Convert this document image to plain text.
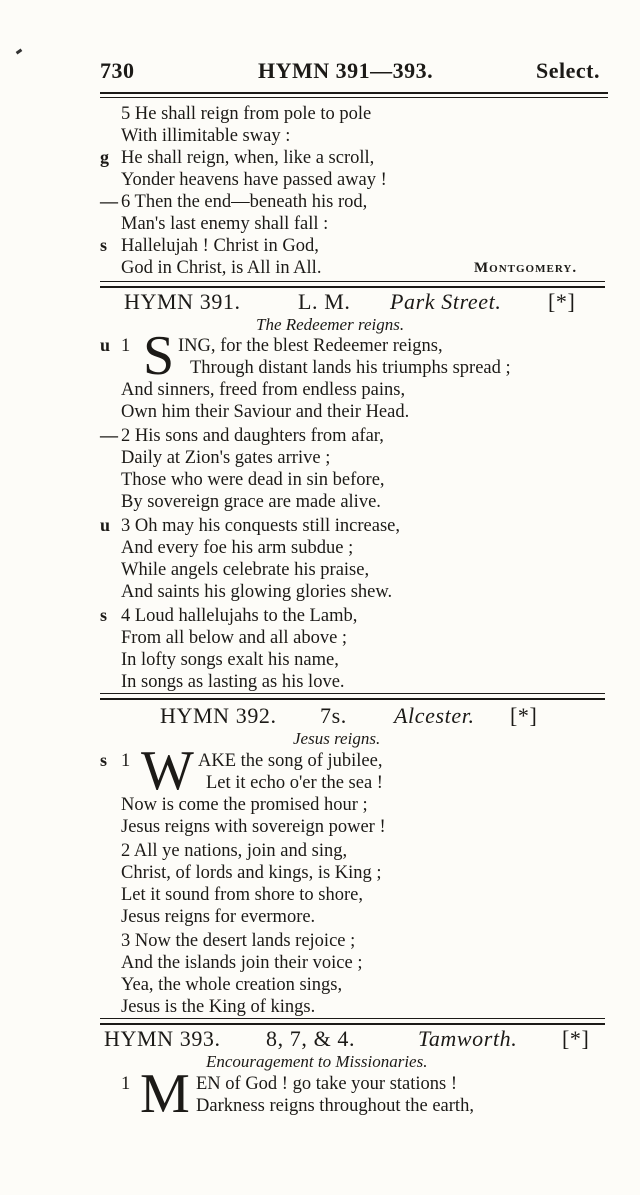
730	HYMN 391—393.	Select.
5 He shall reign from pole to pole
With illimitable sway :
g He shall reign, when, like a scroll,
Yonder heavens have passed away !
— 6 Then the end—beneath his rod,
Man's last enemy shall fall :
s Hallelujah ! Christ in God,
God in Christ, is All in All.	Montgomery.
HYMN 391.	L. M. Park Street. [*]
The Redeemer reigns.
u 1 S ING, for the blest Redeemer reigns,
Through distant lands his triumphs spread ;
And sinners, freed from endless pains,
Own him their Saviour and their Head.
— 2 His sons and daughters from afar,
Daily at Zion's gates arrive ;
Those who were dead in sin before,
By sovereign grace are made alive.
u 3 Oh may his conquests still increase,
And every foe his arm subdue ;
While angels celebrate his praise,
And saints his glowing glories shew.
s 4 Loud hallelujahs to the Lamb,
From all below and all above ;
In lofty songs exalt his name,
In songs as lasting as his love.
HYMN 392. 7s. Alcester. [*]
Jesus reigns.
s 1 W AKE the song of jubilee,
Let it echo o'er the sea !
Now is come the promised hour ;
Jesus reigns with sovereign power !
2 All ye nations, join and sing,
Christ, of lords and kings, is King ;
Let it sound from shore to shore,
Jesus reigns for evermore.
3 Now the desert lands rejoice ;
And the islands join their voice ;
Yea, the whole creation sings,
Jesus is the King of kings.
HYMN 393. 8, 7, & 4.	Tamworth. [*]
Encouragement to Missionaries.
1 M EN of God ! go take your stations !
Darkness reigns throughout the earth,
